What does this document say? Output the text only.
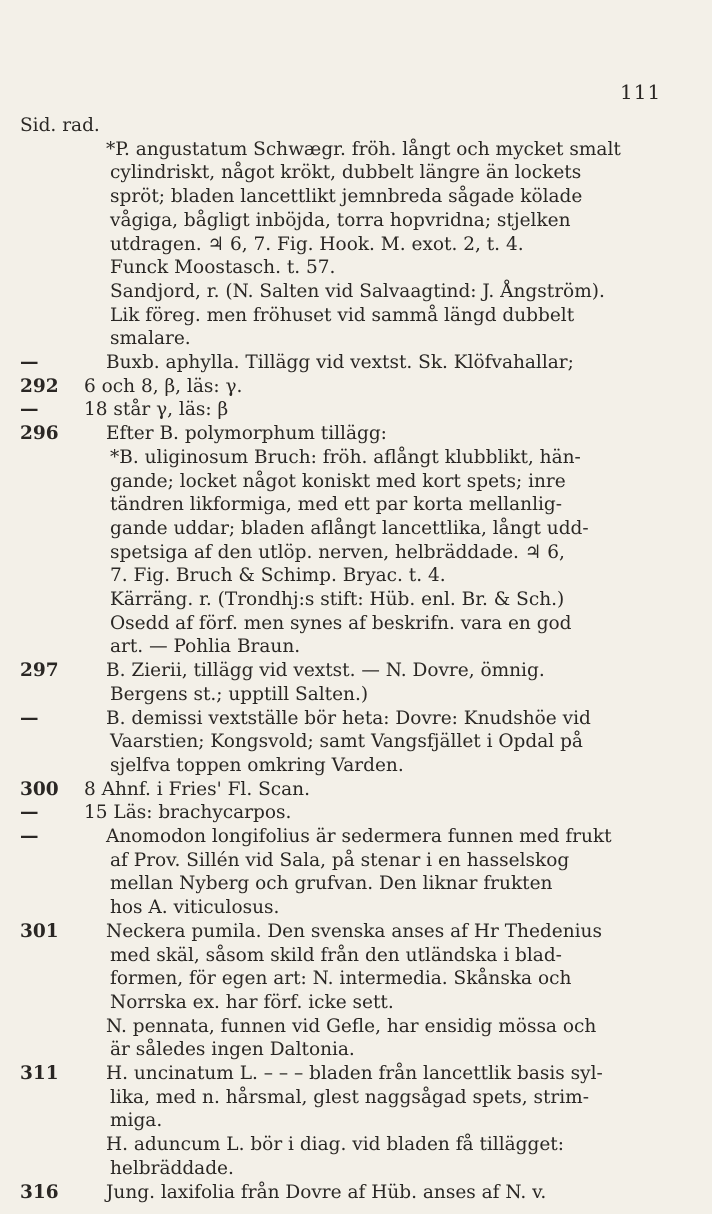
111
Sid. rad.
*P. angustatum Schwægr. fröh. långt och mycket smalt
cylindriskt, något krökt, dubbelt längre än lockets
spröt; bladen lancettlikt jemnbreda sågade kölade
vågiga, bågligt inböjda, torra hopvridna; stjelken
utdragen. ♃ 6, 7. Fig. Hook. M. exot. 2, t. 4.
Funck Moostasch. t. 57.
Sandjord, r. (N. Salten vid Salvaagtind: J. Ångström).
Lik föreg. men fröhuset vid sammå längd dubbelt
smalare.
—	Buxb. aphylla. Tillägg vid vextst. Sk. Klöfvahallar;
292	6 och 8, β, läs: γ.
—	18 står γ, läs: β
296	Efter B. polymorphum tillägg:
*B. uliginosum Bruch: fröh. aflångt klubblikt, hän-
gande; locket något koniskt med kort spets; inre
tändren likformiga, med ett par korta mellanlig-
gande uddar; bladen aflångt lancettlika, långt udd-
spetsiga af den utlöp. nerven, helbräddade. ♃ 6,
7. Fig. Bruch & Schimp. Bryac. t. 4.
Kärräng. r. (Trondhj:s stift: Hüb. enl. Br. & Sch.)
Osedd af förf. men synes af beskrifn. vara en god
art. — Pohlia Braun.
297	B. Zierii, tillägg vid vextst. — N. Dovre, ömnig.
Bergens st.; upptill Salten.)
—	B. demissi vextställe bör heta: Dovre: Knudshöe vid
Vaarstien; Kongsvold; samt Vangsfjället i Opdal på
sjelfva toppen omkring Varden.
300	8 Ahnf. i Fries' Fl. Scan.
—	15 Läs: brachycarpos.
—	Anomodon longifolius är sedermera funnen med frukt
af Prov. Sillén vid Sala, på stenar i en hasselskog
mellan Nyberg och grufvan. Den liknar frukten
hos A. viticulosus.
301	Neckera pumila. Den svenska anses af Hr Thedenius
med skäl, såsom skild från den utländska i blad-
formen, för egen art: N. intermedia. Skånska och
Norrska ex. har förf. icke sett.
N. pennata, funnen vid Gefle, har ensidig mössa och
är således ingen Daltonia.
311	H. uncinatum L. – – – bladen från lancettlik basis syl-
lika, med n. hårsmal, glest naggsågad spets, strim-
miga.
H. aduncum L. bör i diag. vid bladen få tillägget:
helbräddade.
316	Jung. laxifolia från Dovre af Hüb. anses af N. v.
